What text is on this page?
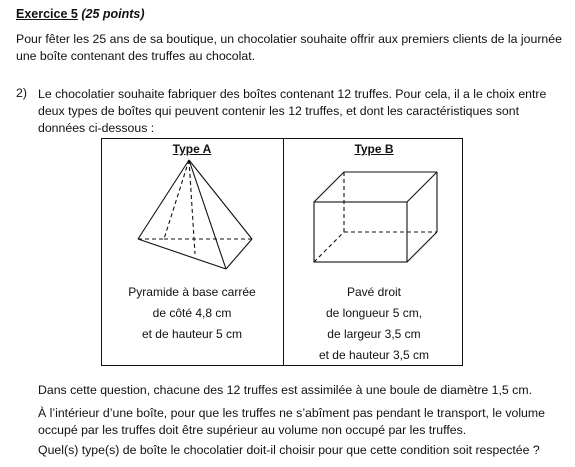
Exercice 5 (25 points)
Pour fêter les 25 ans de sa boutique, un chocolatier souhaite offrir aux premiers clients de la journée une boîte contenant des truffes au chocolat.
2) Le chocolatier souhaite fabriquer des boîtes contenant 12 truffes. Pour cela, il a le choix entre deux types de boîtes qui peuvent contenir les 12 truffes, et dont les caractéristiques sont données ci-dessous :
Type A
Pyramide à base carrée
de côté 4,8 cm
et de hauteur 5 cm
Type B
Pavé droit
de longueur 5 cm,
de largeur 3,5 cm
et de hauteur 3,5 cm
Dans cette question, chacune des 12 truffes est assimilée à une boule de diamètre 1,5 cm.
À l’intérieur d’une boîte, pour que les truffes ne s’abîment pas pendant le transport, le volume occupé par les truffes doit être supérieur au volume non occupé par les truffes.
Quel(s) type(s) de boîte le chocolatier doit-il choisir pour que cette condition soit respectée ?
